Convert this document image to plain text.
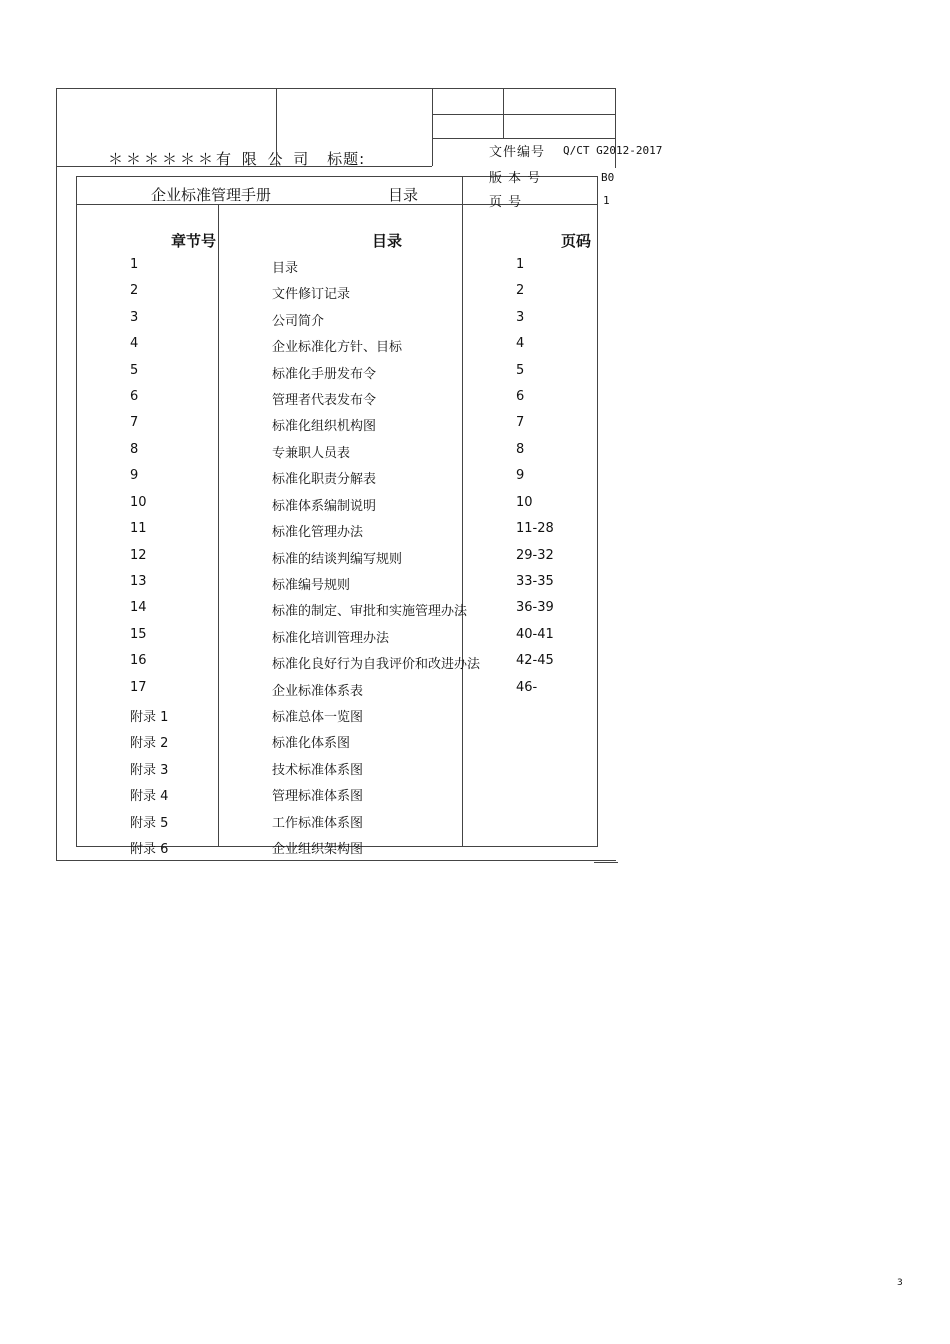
＊＊＊＊＊＊有 限 公 司 标题:	文件编号 Q/CT G2012-2017
版 本 号	B0
页 号	1
企业标准管理手册	目录
章节号	目录	页码
1	目录	1
2	文件修订记录	2
3	公司简介	3
4	企业标准化方针、目标	4
5	标准化手册发布令	5
6	管理者代表发布令	6
7	标准化组织机构图	7
8	专兼职人员表	8
9	标准化职责分解表	9
10	标准体系编制说明	10
11	标准化管理办法	11-28
12	标准的结谈判编写规则	29-32
13	标准编号规则	33-35
14	标准的制定、审批和实施管理办法	36-39
15	标准化培训管理办法	40-41
16	标准化良好行为自我评价和改进办法	42-45
17	企业标准体系表	46-
附录 1	标准总体一览图
附录 2	标准化体系图
附录 3	技术标准体系图
附录 4	管理标准体系图
附录 5	工作标准体系图
附录 6	企业组织架构图
3
